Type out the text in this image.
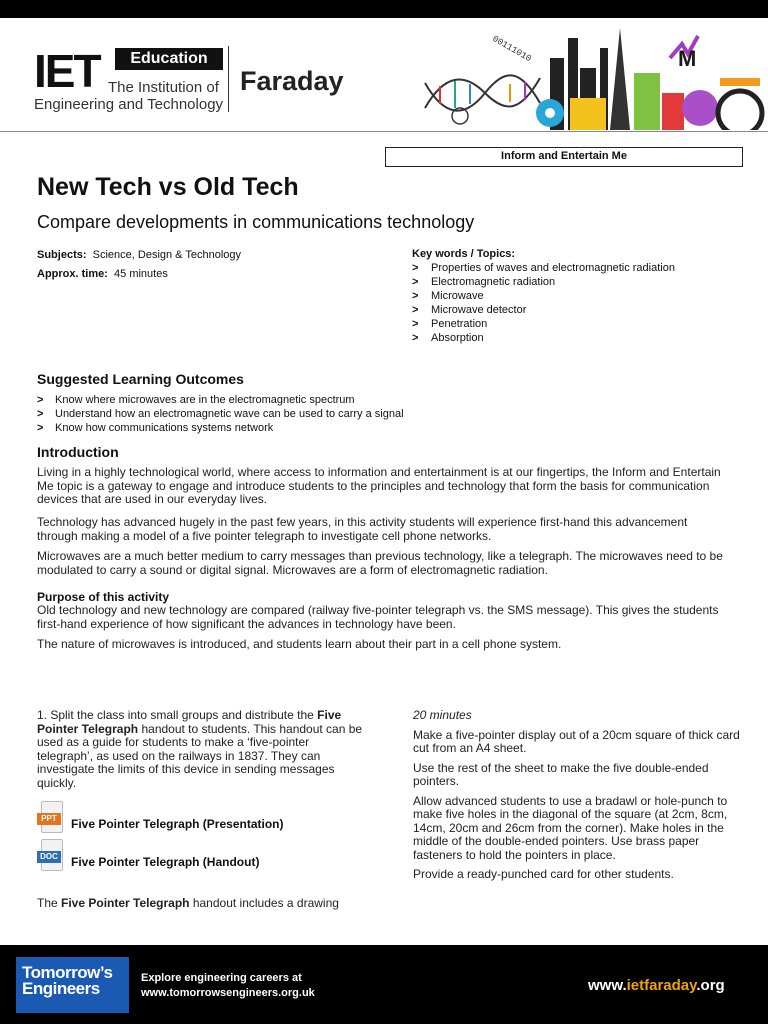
IET	Education
The Institution of
Engineering and Technology
Faraday
00111010	M
Inform and Entertain Me
New Tech vs Old Tech
Compare developments in communications technology
Subjects: Science, Design & Technology
Approx. time: 45 minutes
Key words / Topics:
> Properties of waves and electromagnetic radiation
> Electromagnetic radiation
> Microwave
> Microwave detector
> Penetration
> Absorption
Suggested Learning Outcomes
> Know where microwaves are in the electromagnetic spectrum
> Understand how an electromagnetic wave can be used to carry a signal
> Know how communications systems network
Introduction

Living in a highly technological world, where access to information and entertainment is at our fingertips, the Inform and Entertain Me topic is a gateway to engage and introduce students to the principles and technology that form the basis for communication devices that are used in our everyday lives.

Technology has advanced hugely in the past few years, in this activity students will experience first-hand this advancement through making a model of a five pointer telegraph to investigate cell phone networks.

Microwaves are a much better medium to carry messages than previous technology, like a telegraph. The microwaves need to be modulated to carry a sound or digital signal. Microwaves are a form of electromagnetic radiation.

Purpose of this activity

Old technology and new technology are compared (railway five-pointer telegraph vs. the SMS message). This gives the students first-hand experience of how significant the advances in technology have been.

The nature of microwaves is introduced, and students learn about their part in a cell phone system.

1. Split the class into small groups and distribute the Five Pointer Telegraph handout to students. This handout can be used as a guide for students to make a ‘five-pointer telegraph’, as used on the railways in 1837. They can investigate the limits of this device in sending messages quickly.
PPT	Five Pointer Telegraph (Presentation)
DOC Five Pointer Telegraph (Handout)
The Five Pointer Telegraph handout includes a drawing

20 minutes

Make a five-pointer display out of a 20cm square of thick card cut from an A4 sheet.

Use the rest of the sheet to make the five double-ended pointers.

Allow advanced students to use a bradawl or hole-punch to make five holes in the diagonal of the square (at 2cm, 8cm, 14cm, 20cm and 26cm from the corner). Make holes in the middle of the double-ended pointers. Use brass paper fasteners to hold the pointers in place.

Provide a ready-punched card for other students.

Tomorrow’s
Engineers
Explore engineering careers at
www.tomorrowsengineers.org.uk	www.ietfaraday.org
